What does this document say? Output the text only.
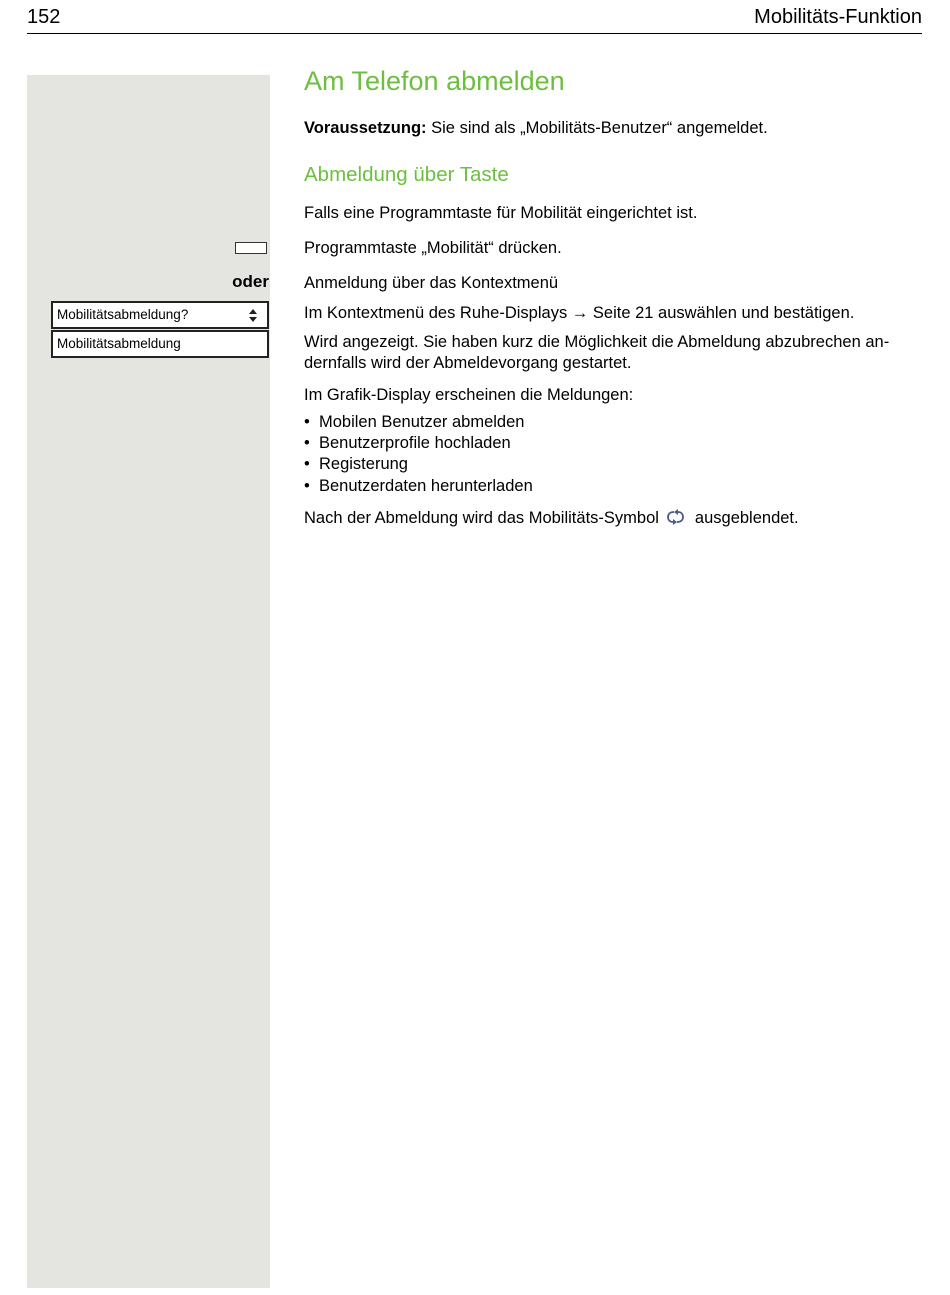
152	Mobilitäts-Funktion
oder
Mobilitätsabmeldung?
Mobilitätsabmeldung
Am Telefon abmelden
Voraussetzung: Sie sind als „Mobilitäts-Benutzer“ angemeldet.
Abmeldung über Taste
Falls eine Programmtaste für Mobilität eingerichtet ist.
Programmtaste „Mobilität“ drücken.
Anmeldung über das Kontextmenü
Im Kontextmenü des Ruhe-Displays → Seite 21 auswählen und bestätigen.
Wird angezeigt. Sie haben kurz die Möglichkeit die Abmeldung abzubrechen andernfalls wird der Abmeldevorgang gestartet.
Im Grafik-Display erscheinen die Meldungen:
• Mobilen Benutzer abmelden
• Benutzerprofile hochladen
• Registerung
• Benutzerdaten herunterladen
Nach der Abmeldung wird das Mobilitäts-Symbol ausgeblendet.
